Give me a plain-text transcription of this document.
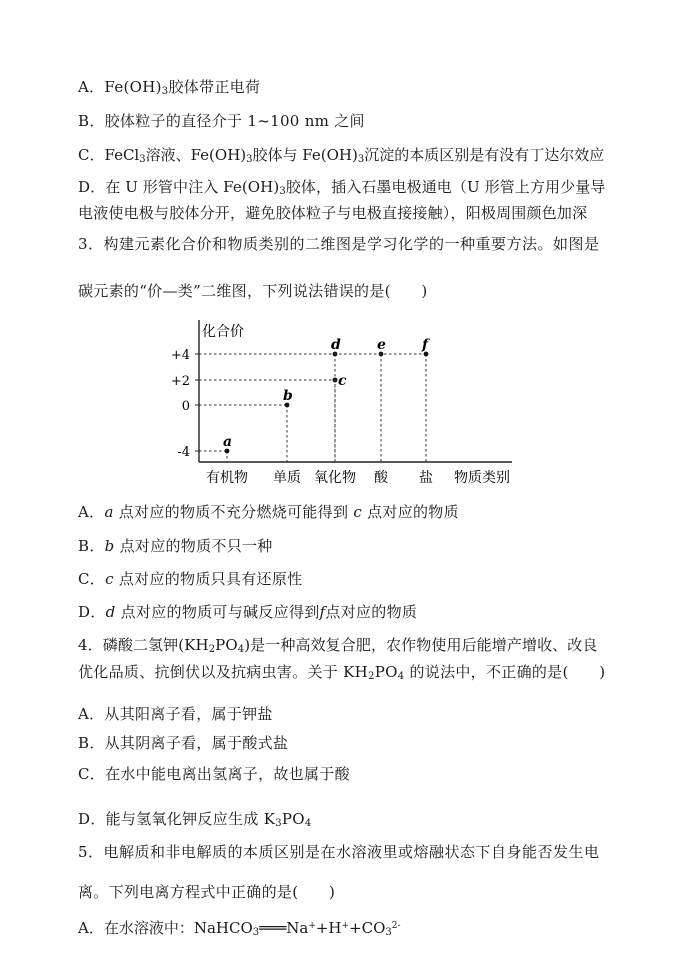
A．$Fe(OH)_3$胶体带正电荷
B．胶体粒子的直径介于 1~100 nm 之间
C．FeCl$_3$溶液、$Fe(OH)_3$胶体与 $Fe(OH)_3$沉淀的本质区别是有没有丁达尔效应
D．在 U 形管中注入 $Fe(OH)_3$胶体，插入石墨电极通电（U 形管上方用少量导
电液使电极与胶体分开，避免胶体粒子与电极直接接触），阳极周围颜色加深
3．构建元素化合价和物质类别的二维图是学习化学的一种重要方法。如图是
碳元素的“价—类”二维图，下列说法错误的是(　　)
化合价
+4
+2
0
-4
有机物 单质 氧化物 酸 盐 物质类别
a
b
c
d	e	f
A．a 点对应的物质不充分燃烧可能得到 c 点对应的物质
B．b 点对应的物质不只一种
C．c 点对应的物质只具有还原性
D．d 点对应的物质可与碱反应得到f点对应的物质
4．磷酸二氢钾$(KH_2PO_4)$是一种高效复合肥，农作物使用后能增产增收、改良
优化品质、抗倒伏以及抗病虫害。关于 $KH_2PO_4$ 的说法中，不正确的是(　　)
A．从其阳离子看，属于钾盐
B．从其阴离子看，属于酸式盐
C．在水中能电离出氢离子，故也属于酸
D．能与氢氧化钾反应生成 $K_3PO_4$
5．电解质和非电解质的本质区别是在水溶液里或熔融状态下自身能否发生电
离。下列电离方程式中正确的是(　　)
A．在水溶液中：$NaHCO_3═══Na^++H^++CO_3^{2-}$
